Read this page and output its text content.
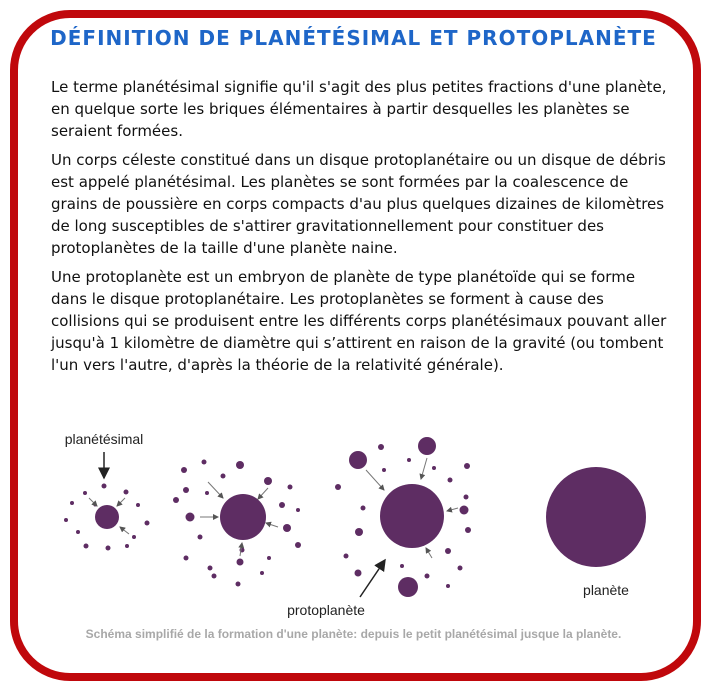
DÉFINITION DE PLANÉTÉSIMAL ET PROTOPLANÈTE

Le terme planétésimal signifie qu'il s'agit des plus petites fractions d'une planète, en quelque sorte les briques élémentaires à partir desquelles les planètes se seraient formées.

Un corps céleste constitué dans un disque protoplanétaire ou un disque de débris est appelé planétésimal. Les planètes se sont formées par la coalescence de grains de poussière en corps compacts d'au plus quelques dizaines de kilomètres de long susceptibles de s'attirer gravitationnellement pour constituer des protoplanètes de la taille d'une planète naine.

Une protoplanète est un embryon de planète de type planétoïde qui se forme dans le disque protoplanétaire. Les protoplanètes se forment à cause des collisions qui se produisent entre les différents corps planétésimaux pouvant aller jusqu'à 1 kilomètre de diamètre qui s’attirent en raison de la gravité (ou tombent l'un vers l'autre, d'après la théorie de la relativité générale).

planétésimal
protoplanète
planète
Schéma simplifié de la formation d'une planète: depuis le petit planétésimal jusque la planète.
